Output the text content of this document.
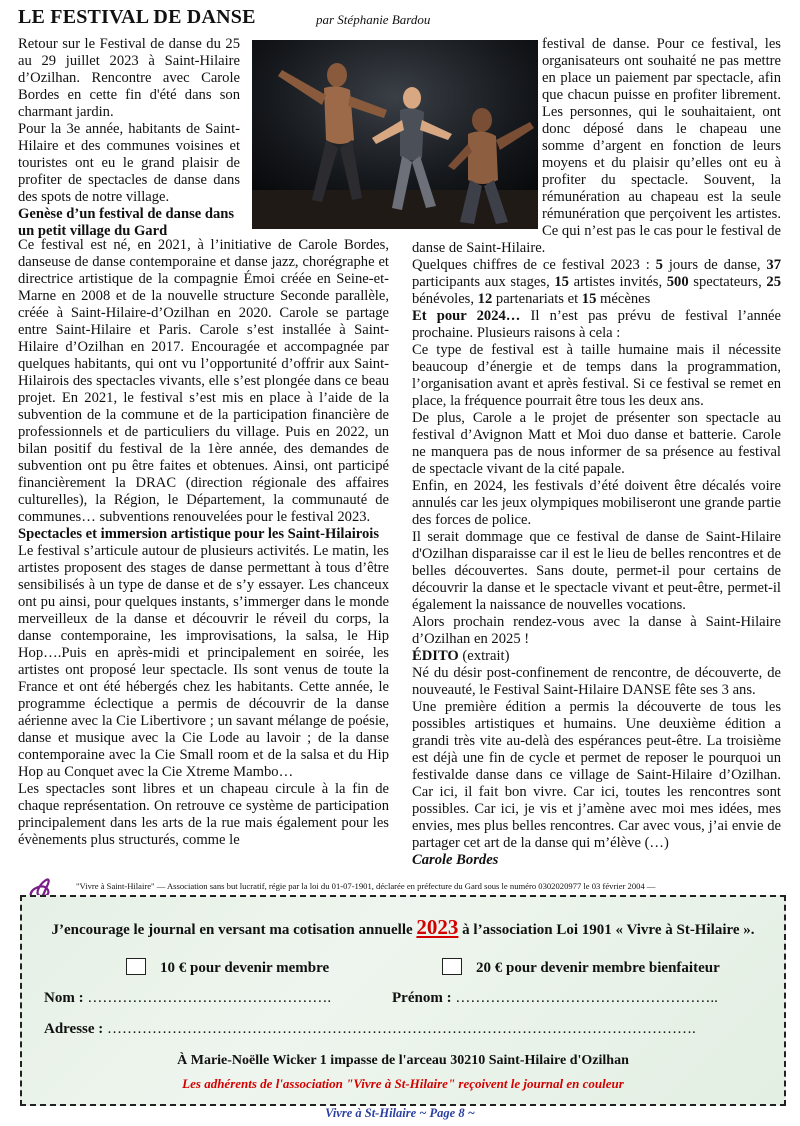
LE FESTIVAL DE DANSE	par Stéphanie Bardou

Retour sur le Festival de danse du 25 au 29 juillet 2023 à Saint-Hilaire d’Ozilhan. Rencontre avec Carole Bordes en cette fin d'été dans son charmant jardin.

Pour la 3e année, habitants de Saint-Hilaire et des communes voisines et touristes ont eu le grand plaisir de profiter de spectacles de danse dans des spots de notre village.

Genèse d’un festival de danse dans un petit village du Gard

Ce festival est né, en 2021, à l’initiative de Carole Bordes, danseuse de danse contemporaine et danse jazz, chorégraphe et directrice artistique de la compagnie Émoi créée en Seine-et-Marne en 2008 et de la nouvelle structure Seconde parallèle, créée à Saint-Hilaire-d’Ozilhan en 2020. Carole se partage entre Saint-Hilaire et Paris. Carole s’est installée à Saint-Hilaire d’Ozilhan en 2017. Encouragée et accompagnée par quelques habitants, qui ont vu l’opportunité d’offrir aux Saint-Hilairois des spectacles vivants, elle s’est plongée dans ce beau projet. En 2021, le festival s’est mis en place à l’aide de la subvention de la commune et de la participation financière de professionnels et de particuliers du village. Puis en 2022, un bilan positif du festival de la 1ère année, des demandes de subvention ont pu être faites et obtenues. Ainsi, ont participé financièrement la DRAC (direction régionale des affaires culturelles), la Région, le Département, la communauté de communes… subventions renouvelées pour le festival 2023.

Spectacles et immersion artistique pour les Saint-Hilairois

Le festival s’articule autour de plusieurs activités. Le matin, les artistes proposent des stages de danse permettant à tous d’être sensibilisés à un type de danse et de s’y essayer. Les chanceux ont pu ainsi, pour quelques instants, s’immerger dans le monde merveilleux de la danse et découvrir le réveil du corps, la danse contemporaine, les improvisations, la salsa, le Hip Hop….Puis en après-midi et principalement en soirée, les artistes ont proposé leur spectacle. Ils sont venus de toute la France et ont été hébergés chez les habitants. Cette année, le programme éclectique a permis de découvrir de la danse aérienne avec la Cie Libertivore ; un savant mélange de poésie, danse et musique avec la Cie Lode au lavoir ; de la danse contemporaine avec la Cie Small room et de la salsa et du Hip Hop au Conquet avec la Cie Xtreme Mambo…

Les spectacles sont libres et un chapeau circule à la fin de chaque représentation. On retrouve ce système de participation principalement dans les arts de la rue mais également pour les évènements plus structurés, comme le

festival de danse. Pour ce festival, les organisateurs ont souhaité ne pas mettre en place un paiement par spectacle, afin que chacun puisse en profiter librement. Les personnes, qui le souhaitaient, ont donc déposé dans le chapeau une somme d’argent en fonction de leurs moyens et du plaisir qu’elles ont eu à profiter du spectacle. Souvent, la rémunération au chapeau est la seule rémunération que perçoivent les artistes. Ce qui n’est pas le cas pour le festival de danse de Saint-Hilaire.

Quelques chiffres de ce festival 2023 : 5 jours de danse, 37 participants aux stages, 15 artistes invités, 500 spectateurs, 25 bénévoles, 12 partenariats et 15 mécènes

Et pour 2024… Il n’est pas prévu de festival l’année prochaine. Plusieurs raisons à cela :

Ce type de festival est à taille humaine mais il nécessite beaucoup d’énergie et de temps dans la programmation, l’organisation avant et après festival. Si ce festival se remet en place, la fréquence pourrait être tous les deux ans.

De plus, Carole a le projet de présenter son spectacle au festival d’Avignon Matt et Moi duo danse et batterie. Carole ne manquera pas de nous informer de sa présence au festival de spectacle vivant de la cité papale.

Enfin, en 2024, les festivals d’été doivent être décalés voire annulés car les jeux olympiques mobiliseront une grande partie des forces de police.

Il serait dommage que ce festival de danse de Saint-Hilaire d'Ozilhan disparaisse car il est le lieu de belles rencontres et de belles découvertes. Sans doute, permet-il pour certains de découvrir la danse et le spectacle vivant et peut-être, permet-il également la naissance de nouvelles vocations.

Alors prochain rendez-vous avec la danse à Saint-Hilaire d’Ozilhan en 2025 !

ÉDITO (extrait)

Né du désir post-confinement de rencontre, de découverte, de nouveauté, le Festival Saint-Hilaire DANSE fête ses 3 ans.

Une première édition a permis la découverte de tous les possibles artistiques et humains. Une deuxième édition a grandi très vite au-delà des espérances peut-être. La troisième est déjà une fin de cycle et permet de reposer le pourquoi un festivalde danse dans ce village de Saint-Hilaire d’Ozilhan. Car ici, il fait bon vivre. Car ici, toutes les rencontres sont possibles. Car ici, je vis et j’amène avec moi mes idées, mes envies, mes plus belles rencontres. Car avec vous, j’ai envie de partager cet art de la danse qui m’élève (…)

Carole Bordes

"Vivre à Saint-Hilaire" — Association sans but lucratif, régie par la loi du 01-07-1901, déclarée en préfecture du Gard sous le numéro 0302020977 le 03 février 2004 —
J’encourage le journal en versant ma cotisation annuelle 2023 à l’association Loi 1901 « Vivre à St-Hilaire ».
10 € pour devenir membre	20 € pour devenir membre bienfaiteur
Nom : ………………………………………….	Prénom : ……………………………………………..
Adresse : ……………………………………………………………………………………………………….
À Marie-Noëlle Wicker 1 impasse de l'arceau 30210 Saint-Hilaire d'Ozilhan
Les adhérents de l'association "Vivre à St-Hilaire" reçoivent le journal en couleur
Vivre à St-Hilaire ~ Page 8 ~
